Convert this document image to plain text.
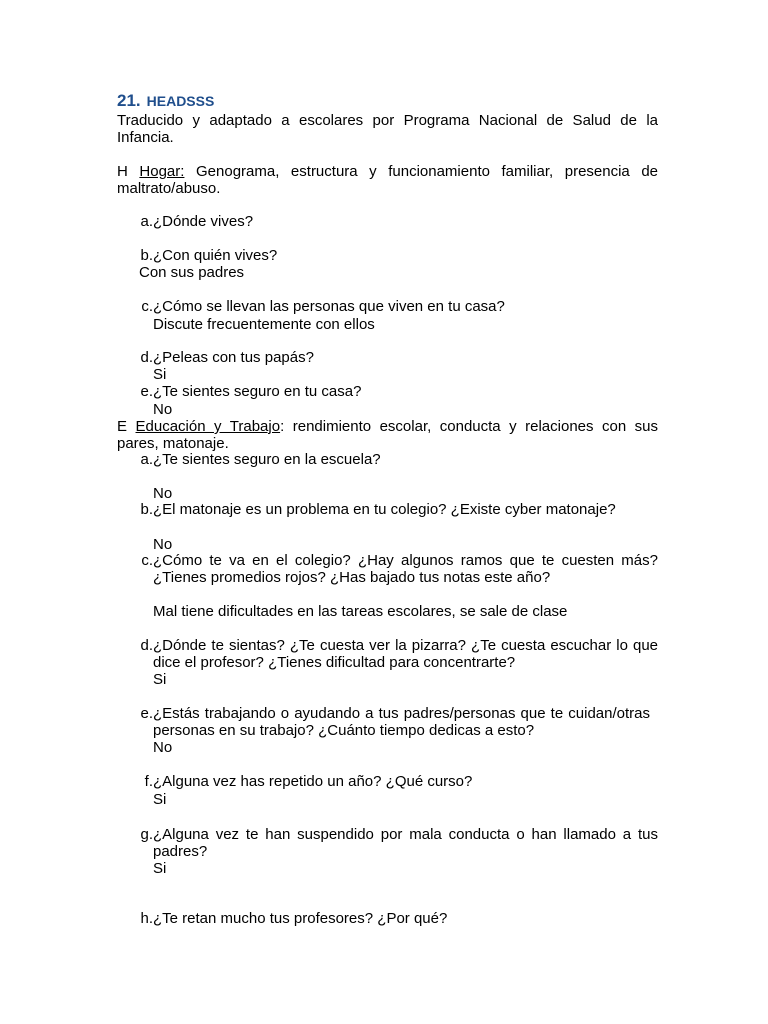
21. HEADSSS
Traducido y adaptado a escolares por Programa Nacional de Salud de la Infancia.
H Hogar: Genograma, estructura y funcionamiento familiar, presencia de maltrato/abuso.
a. ¿Dónde vives?
b. ¿Con quién vives?
Con sus padres
c. ¿Cómo se llevan las personas que viven en tu casa?
Discute frecuentemente con ellos
d. ¿Peleas con tus papás?
Si
e. ¿Te sientes seguro en tu casa?
No
E Educación y Trabajo: rendimiento escolar, conducta y relaciones con sus pares, matonaje.
a. ¿Te sientes seguro en la escuela?
No
b. ¿El matonaje es un problema en tu colegio? ¿Existe cyber matonaje?
No
c. ¿Cómo te va en el colegio? ¿Hay algunos ramos que te cuesten más? ¿Tienes promedios rojos? ¿Has bajado tus notas este año?
Mal tiene dificultades en las tareas escolares, se sale de clase
d. ¿Dónde te sientas? ¿Te cuesta ver la pizarra? ¿Te cuesta escuchar lo que dice el profesor? ¿Tienes dificultad para concentrarte?
Si
e. ¿Estás trabajando o ayudando a tus padres/personas que te cuidan/otras personas en su trabajo? ¿Cuánto tiempo dedicas a esto?
No
f. ¿Alguna vez has repetido un año? ¿Qué curso?
Si
g. ¿Alguna vez te han suspendido por mala conducta o han llamado a tus padres?
Si
h. ¿Te retan mucho tus profesores? ¿Por qué?
